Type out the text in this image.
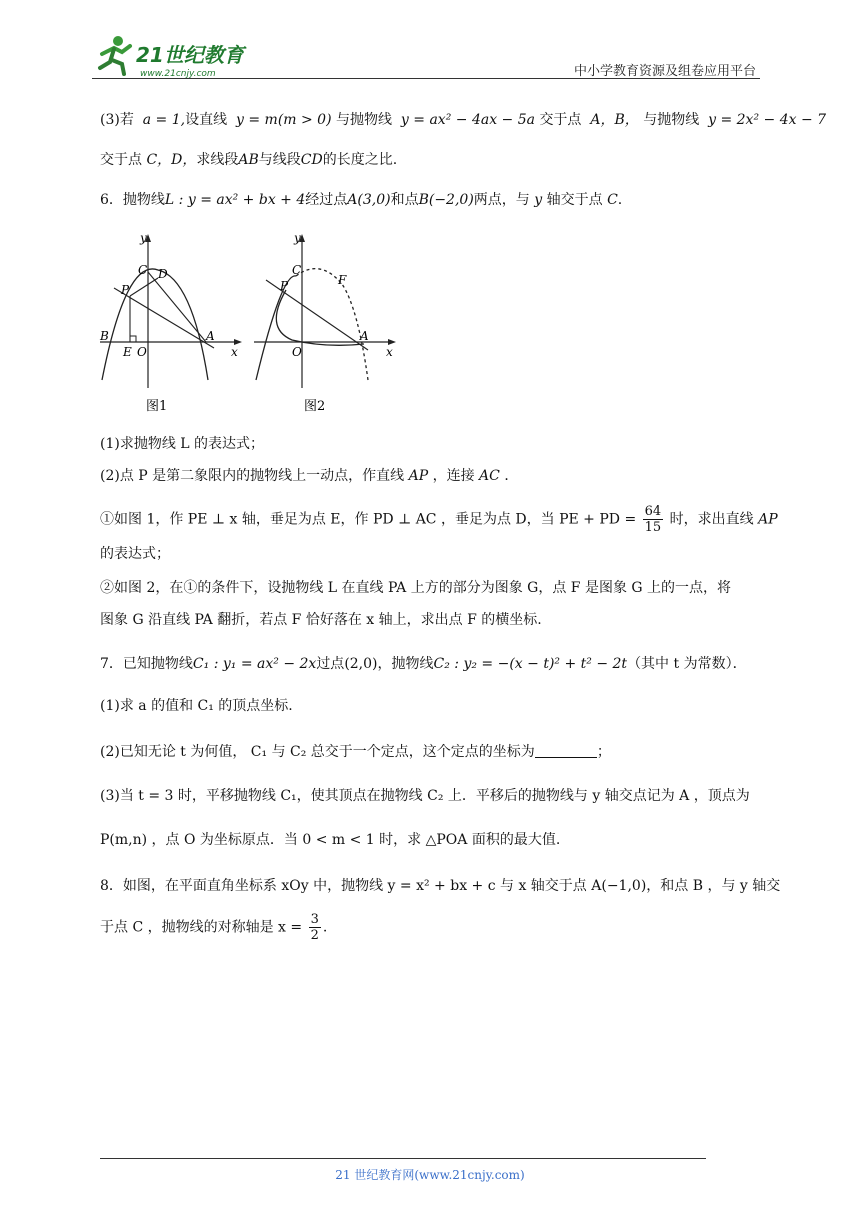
21世纪教育
www.21cnjy.com	中小学教育资源及组卷应用平台
(3)若 a = 1,设直线  y = m(m > 0) 与抛物线 y = ax² − 4ax − 5a 交于点 A，B， 与抛物线 y = 2x² − 4x − 7
交于点 C，D，求线段AB与线段CD的长度之比.
6．抛物线L : y = ax² + bx + 4经过点A(3,0)和点B(−2,0)两点，与 y 轴交于点 C.
y
x
C D
P
B
E O
A
图1
y
x
C
F
P
O
A
图2
(1)求抛物线 L 的表达式；
(2)点 P 是第二象限内的抛物线上一动点，作直线 AP ，连接 AC ．
①如图 1，作 PE ⊥ x 轴，垂足为点 E，作 PD ⊥ AC ，垂足为点 D，当 PE + PD = $\frac{64}{15}$ 时，求出直线 AP
的表达式；
②如图 2，在①的条件下，设抛物线 L 在直线 PA 上方的部分为图象 G，点 F 是图象 G 上的一点，将
图象 G 沿直线 PA 翻折，若点 F 恰好落在 x 轴上，求出点 F 的横坐标.
7．已知抛物线C₁ : y₁ = ax² − 2x过点(2,0)，抛物线C₂ : y₂ = −(x − t)² + t² − 2t（其中 t 为常数）．
(1)求 a 的值和 C₁ 的顶点坐标.
(2)已知无论 t 为何值， C₁ 与 C₂ 总交于一个定点，这个定点的坐标为	；
(3)当 t = 3 时，平移抛物线 C₁，使其顶点在抛物线 C₂ 上．平移后的抛物线与 y 轴交点记为 A ，顶点为
P(m,n) ，点 O 为坐标原点．当 0 < m < 1 时，求 △POA 面积的最大值.
8．如图，在平面直角坐标系 xOy 中，抛物线 y = x² + bx + c 与 x 轴交于点 A(−1,0)，和点 B ，与 y 轴交
于点 C ，抛物线的对称轴是 $x = \frac{3}{2}$ .
21 世纪教育网(www.21cnjy.com)
